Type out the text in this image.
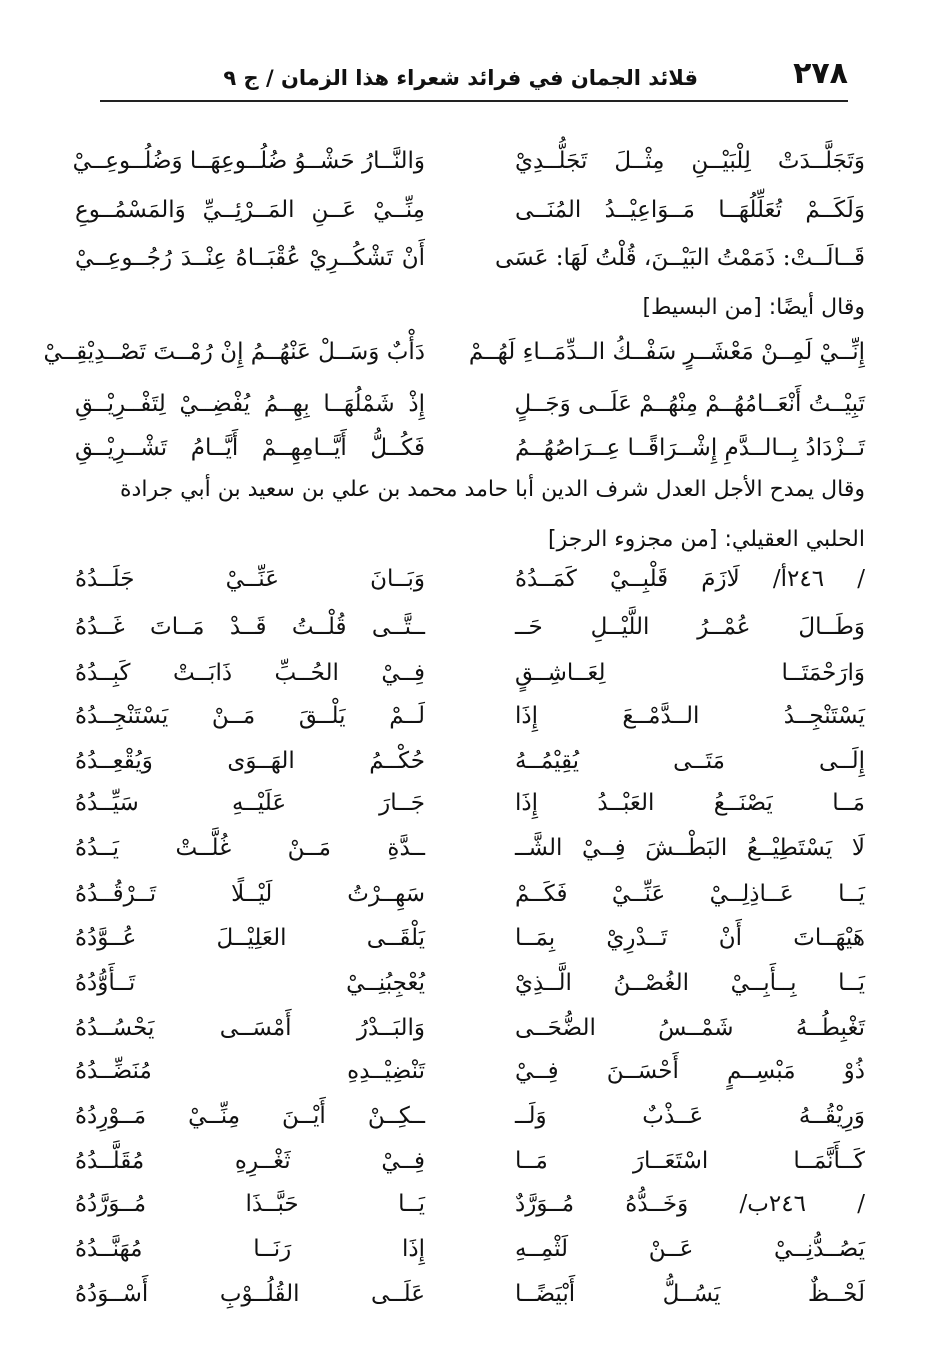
٢٧٨
قلائد الجمان في فرائد شعراء هذا الزمان / ج ٩
وَتَجَلَّــدَتْ لِلْبَيْــنِ مِثْــلَ تَجَلُّــدِيْ
وَالنَّــارُ حَشْــوُ ضُلُــوعِهَــا وَضُلُــوعِــيْ
وَلَكَــمْ تُعَلِّلُهَــا مَــوَاعِيْــدُ المُنَــى
مِنِّــيْ عَــنِ المَــرْئِــيِّ وَالمَسْمُــوعِ
قَــالَــتْ: ذَمَمْتُ البَيْــنَ، قُلْتُ لَهَا: عَسَى
أَنْ تَشْكُــرِيْ عُقْبَــاهُ عِنْــدَ رُجُــوعِــيْ
وقال أيضًا: [من البسيط]
إِنِّــيْ لَمِــنْ مَعْشَــرٍ سَفْــكُ الــدِّمَــاءِ لَهُــمْ
دَأْبٌ وَسَــلْ عَنْهُــمُ إِنْ رُمْــتَ تَصْــدِيْقِــيْ
تَبِيْــتُ أَنْعَــامُهُــمْ مِنْهُــمْ عَلَــى وَجَــلٍ
إِذْ شَمْلُهَــا بِهِــمُ يُفْضِــيْ لِتَفْــرِيْــقِ
تَــزْدَادُ بِــالــدَّمِ إِشْــرَاقًــا عِــرَاصُهُــمُ
فَكُــلُّ أَيَّــامِهِــمْ أَيَّــامُ تَشْــرِيْــقِ
وقال يمدح الأجل العدل شرف الدين أبا حامد محمد بن علي بن سعيد بن أبي جرادة
الحلبي العقيلي: [من مجزوء الرجز]
/ ٢٤٦أ/ لَازَمَ قَلْبِــيْ كَمَــدُهُ
وَبَــانَ عَنِّــيْ جَلَــدُهُ
وَطَــالَ عُمْــرُ اللَّيْــلِ حَــ
ــتَّــى قُلْــتُ قَــدْ مَــاتَ غَــدُهُ
وَارَحْمَتَــا لِعَــاشِــقٍ
فِــيْ الحُــبِّ ذَابَــتْ كَبِــدُهُ
يَسْتَنْجِــدُ الــدَّمْــعَ إِذَا
لَــمْ يَلْــقَ مَــنْ يَسْتَنْجِــدُهُ
إِلَــى مَتَــى يُقِيْمُــهُ
حُكْــمُ الهَــوَى وَيُقْعِــدُهُ
مَــا يَصْنَــعُ العَبْــدُ إِذَا
جَــارَ عَلَيْــهِ سَيِّــدُهُ
لَا يَسْتَطِيْــعُ البَطْــشَ فِــيْ الشَّــ
ــدَّةِ مَــنْ غُلَّــتْ يَــدُهُ
يَــا عَــاذِلِــيْ عَنِّــيْ فَكَــمْ
سَهِــرْتُ لَيْــلًا تَــرْقُــدُهُ
هَيْهَــاتَ أَنْ تَــدْرِيْ بِمَــا
يَلْقَــى العَلِيْــلَ عُــوَّدُهُ
يَــا بِــأَبِــيْ الغُصْــنُ الَّــذِيْ
يُعْجِبُنِــيْ تَــأَوُّدُهُ
تَغْبِطُــهُ شَمْــسُ الضُّحَــى
وَالبَــدْرُ أَمْسَــى يَحْسُــدُهُ
ذُوْ مَبْسِــمٍ أَحْسَــنَ فِــيْ
تَنْضِيْــدِهِ مُنَضِّــدُهُ
وَرِيْقُــهُ عَــذْبٌ وَلَــ
ــكِــنْ أَيْــنَ مِنِّــيْ مَــوْرِدُهُ
كَــأَنَّمَــا اسْتَعَــارَ مَــا
فِــيْ ثَغْــرِهِ مُقَلَّــدُهُ
/ ٢٤٦ب/ وَخَــدُّهُ مُــوَرَّدٌ
يَــا حَبَّــذَا مُــوَرَّدُهُ
يَصُــدُّنِــيْ عَــنْ لَثْمِــهِ
إِذَا رَنَــا مُهَنَّــدُهُ
لَحْــظٌ يَسُــلُّ أَبْيَضًــا
عَلَــى القُلُــوْبِ أَسْــوَدُهُ
